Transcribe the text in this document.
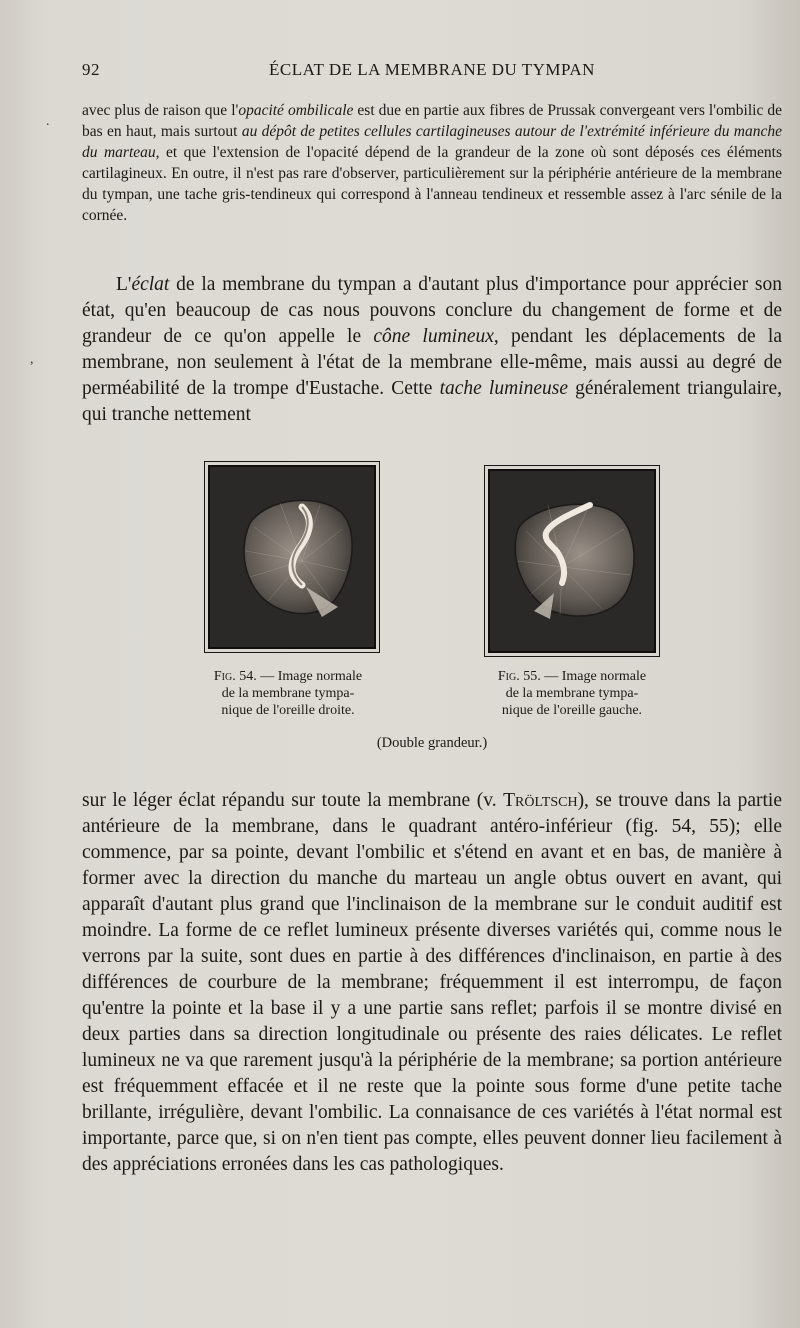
92	ÉCLAT DE LA MEMBRANE DU TYMPAN
.
,

avec plus de raison que l'opacité ombilicale est due en partie aux fibres de Prussak convergeant vers l'ombilic de bas en haut, mais surtout au dépôt de petites cellules cartilagineuses autour de l'extrémité inférieure du manche du marteau, et que l'extension de l'opacité dépend de la grandeur de la zone où sont déposés ces éléments cartilagineux. En outre, il n'est pas rare d'observer, particulièrement sur la périphérie antérieure de la membrane du tympan, une tache gris-tendineux qui correspond à l'anneau tendineux et ressemble assez à l'arc sénile de la cornée.

L'éclat de la membrane du tympan a d'autant plus d'importance pour apprécier son état, qu'en beaucoup de cas nous pouvons conclure du changement de forme et de grandeur de ce qu'on appelle le cône lumineux, pendant les déplacements de la membrane, non seulement à l'état de la membrane elle-même, mais aussi au degré de perméabilité de la trompe d'Eustache. Cette tache lumineuse généralement triangulaire, qui tranche nettement

Fig. 54. — Image normale
de la membrane tympa-
nique de l'oreille droite.
Fig. 55. — Image normale
de la membrane tympa-
nique de l'oreille gauche.
(Double grandeur.)

sur le léger éclat répandu sur toute la membrane (v. Tröltsch), se trouve dans la partie antérieure de la membrane, dans le quadrant antéro-inférieur (fig. 54, 55); elle commence, par sa pointe, devant l'ombilic et s'étend en avant et en bas, de manière à former avec la direction du manche du marteau un angle obtus ouvert en avant, qui apparaît d'autant plus grand que l'inclinaison de la membrane sur le conduit auditif est moindre. La forme de ce reflet lumineux présente diverses variétés qui, comme nous le verrons par la suite, sont dues en partie à des différences d'inclinaison, en partie à des différences de courbure de la membrane; fréquemment il est interrompu, de façon qu'entre la pointe et la base il y a une partie sans reflet; parfois il se montre divisé en deux parties dans sa direction longitudinale ou présente des raies délicates. Le reflet lumineux ne va que rarement jusqu'à la périphérie de la membrane; sa portion antérieure est fréquemment effacée et il ne reste que la pointe sous forme d'une petite tache brillante, irrégulière, devant l'ombilic. La connaisance de ces variétés à l'état normal est importante, parce que, si on n'en tient pas compte, elles peuvent donner lieu facilement à des appréciations erronées dans les cas pathologiques.
